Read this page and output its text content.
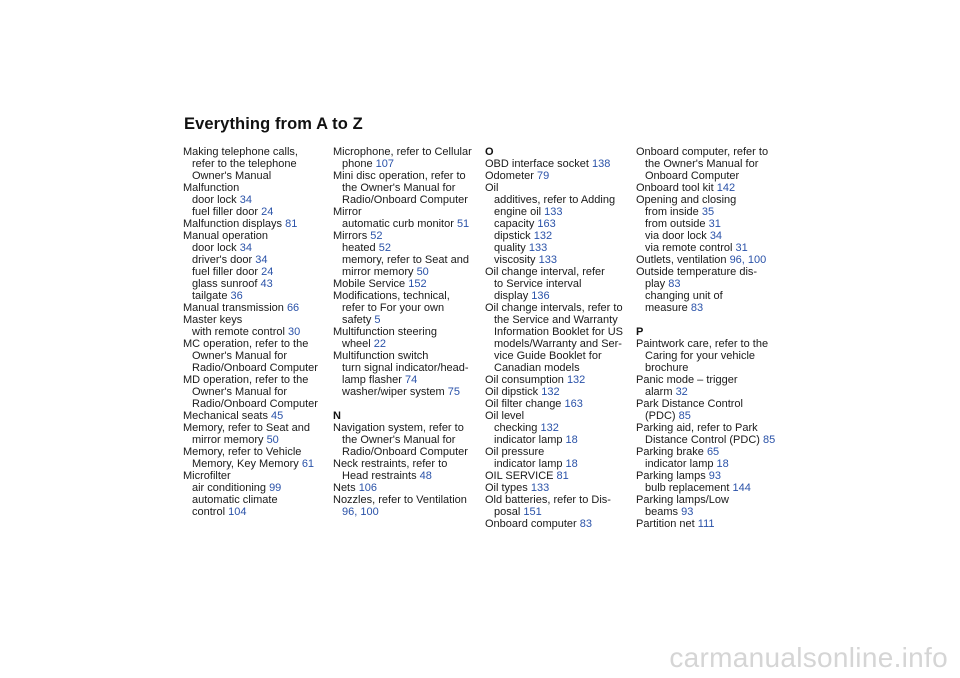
Everything from A to Z
Making telephone calls,
refer to the telephone
Owner's Manual
Malfunction
door lock 34
fuel filler door 24
Malfunction displays 81
Manual operation
door lock 34
driver's door 34
fuel filler door 24
glass sunroof 43
tailgate 36
Manual transmission 66
Master keys
with remote control 30
MC operation, refer to the
Owner's Manual for
Radio/Onboard Computer
MD operation, refer to the
Owner's Manual for
Radio/Onboard Computer
Mechanical seats 45
Memory, refer to Seat and
mirror memory 50
Memory, refer to Vehicle
Memory, Key Memory 61
Microfilter
air conditioning 99
automatic climate
control 104
Microphone, refer to Cellular
phone 107
Mini disc operation, refer to
the Owner's Manual for
Radio/Onboard Computer
Mirror
automatic curb monitor 51
Mirrors 52
heated 52
memory, refer to Seat and
mirror memory 50
Mobile Service 152
Modifications, technical,
refer to For your own
safety 5
Multifunction steering
wheel 22
Multifunction switch
turn signal indicator/head-
lamp flasher 74
washer/wiper system 75
N
Navigation system, refer to
the Owner's Manual for
Radio/Onboard Computer
Neck restraints, refer to
Head restraints 48
Nets 106
Nozzles, refer to Ventilation
96, 100
O
OBD interface socket 138
Odometer 79
Oil
additives, refer to Adding
engine oil 133
capacity 163
dipstick 132
quality 133
viscosity 133
Oil change interval, refer
to Service interval
display 136
Oil change intervals, refer to
the Service and Warranty
Information Booklet for US
models/Warranty and Ser-
vice Guide Booklet for
Canadian models
Oil consumption 132
Oil dipstick 132
Oil filter change 163
Oil level
checking 132
indicator lamp 18
Oil pressure
indicator lamp 18
OIL SERVICE 81
Oil types 133
Old batteries, refer to Dis-
posal 151
Onboard computer 83
Onboard computer, refer to
the Owner's Manual for
Onboard Computer
Onboard tool kit 142
Opening and closing
from inside 35
from outside 31
via door lock 34
via remote control 31
Outlets, ventilation 96, 100
Outside temperature dis-
play 83
changing unit of
measure 83
P
Paintwork care, refer to the
Caring for your vehicle
brochure
Panic mode – trigger
alarm 32
Park Distance Control
(PDC) 85
Parking aid, refer to Park
Distance Control (PDC) 85
Parking brake 65
indicator lamp 18
Parking lamps 93
bulb replacement 144
Parking lamps/Low
beams 93
Partition net 111
carmanualsonline.info
